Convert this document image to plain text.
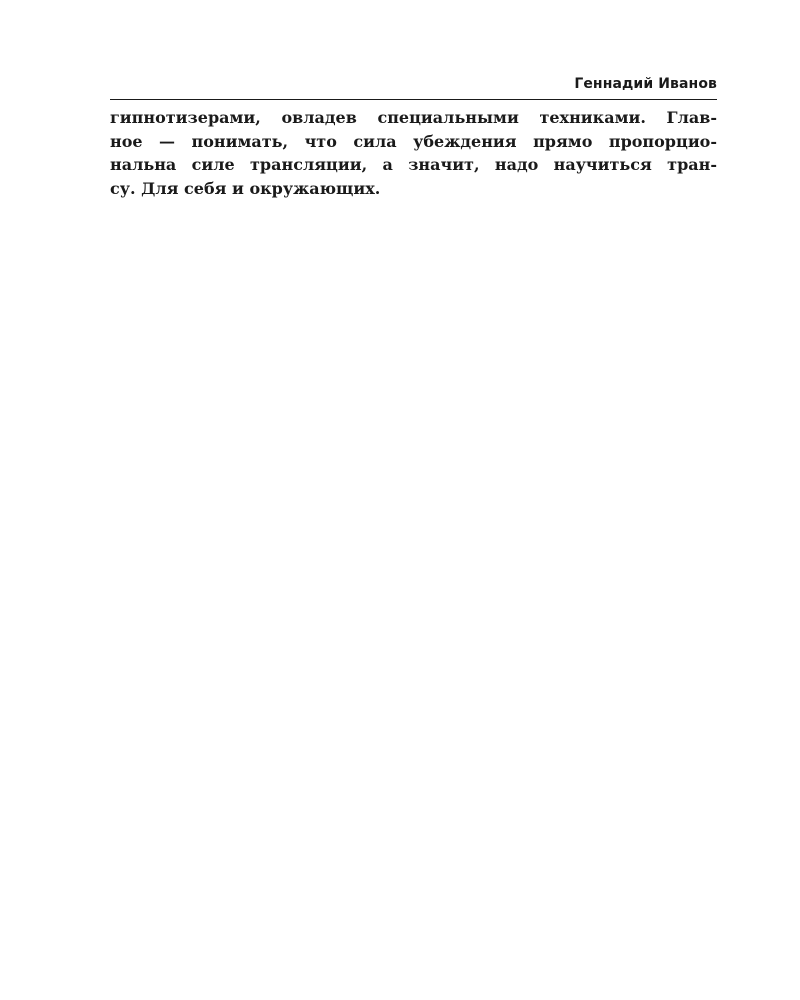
Геннадий Иванов
гипнотизерами, овладев специальными техниками. Глав-
ное — понимать, что сила убеждения прямо пропорцио-
нальна силе трансляции, а значит, надо научиться тран-
су. Для себя и окружающих.
